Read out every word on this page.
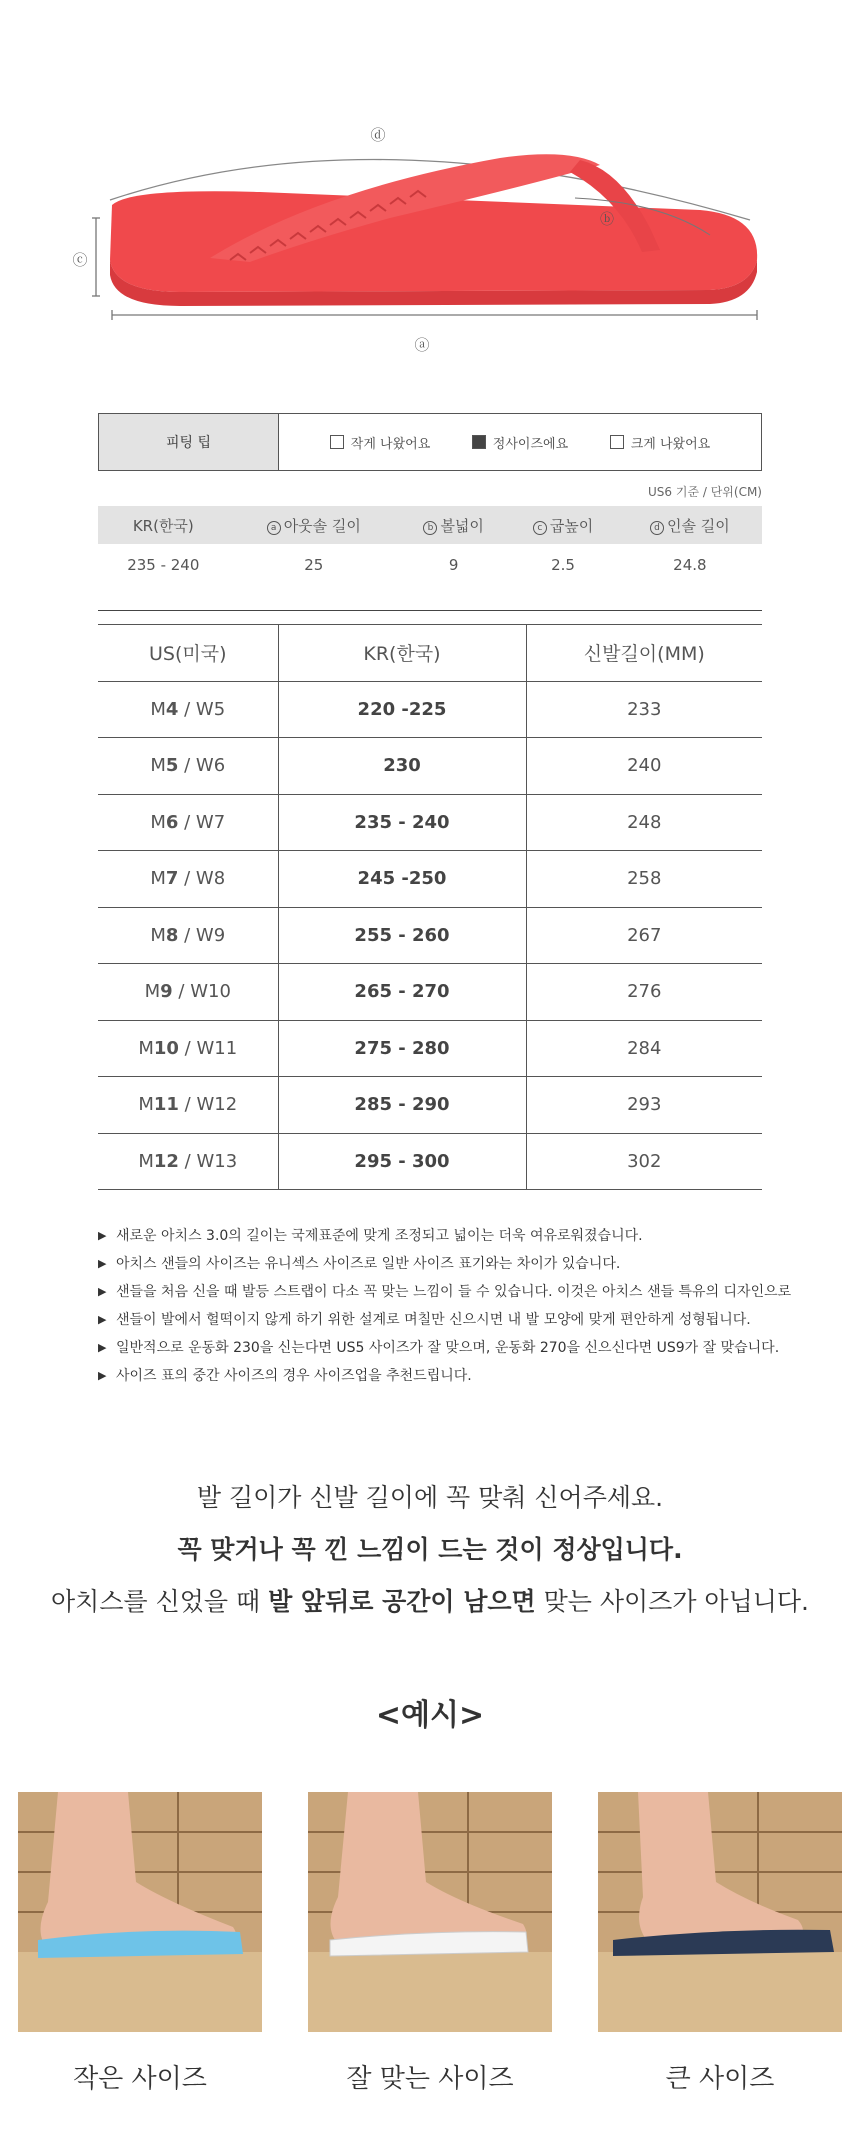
ⓓ
ⓑ
ⓒ
ⓐ
피팅 팁	작게 나왔어요	정사이즈에요	크게 나왔어요
US6 기준 / 단위(CM)
KR(한국)	a 아웃솔 길이	b 볼넓이	c 굽높이	d 인솔 길이
235 - 240	25	9	2.5	24.8

US(미국)	KR(한국)	신발길이(MM)
M4 / W5	220 -225	233
M5 / W6	230	240
M6 / W7	235 - 240	248
M7 / W8	245 -250	258
M8 / W9	255 - 260	267
M9 / W10	265 - 270	276
M10 / W11	275 - 280	284
M11 / W12	285 - 290	293
M12 / W13	295 - 300	302
▶ 새로운 아치스 3.0의 길이는 국제표준에 맞게 조정되고 넓이는 더욱 여유로워졌습니다.
▶ 아치스 샌들의 사이즈는 유니섹스 사이즈로 일반 사이즈 표기와는 차이가 있습니다.
▶ 샌들을 처음 신을 때 발등 스트랩이 다소 꼭 맞는 느낌이 들 수 있습니다. 이것은 아치스 샌들 특유의 디자인으로
▶ 샌들이 발에서 헐떡이지 않게 하기 위한 설계로 며칠만 신으시면 내 발 모양에 맞게 편안하게 성형됩니다.
▶ 일반적으로 운동화 230을 신는다면 US5 사이즈가 잘 맞으며, 운동화 270을 신으신다면 US9가 잘 맞습니다.
▶ 사이즈 표의 중간 사이즈의 경우 사이즈업을 추천드립니다.
발 길이가 신발 길이에 꼭 맞춰 신어주세요.
꼭 맞거나 꼭 낀 느낌이 드는 것이 정상입니다.
아치스를 신었을 때 발 앞뒤로 공간이 남으면 맞는 사이즈가 아닙니다.
<예시>
작은 사이즈	잘 맞는 사이즈	큰 사이즈
